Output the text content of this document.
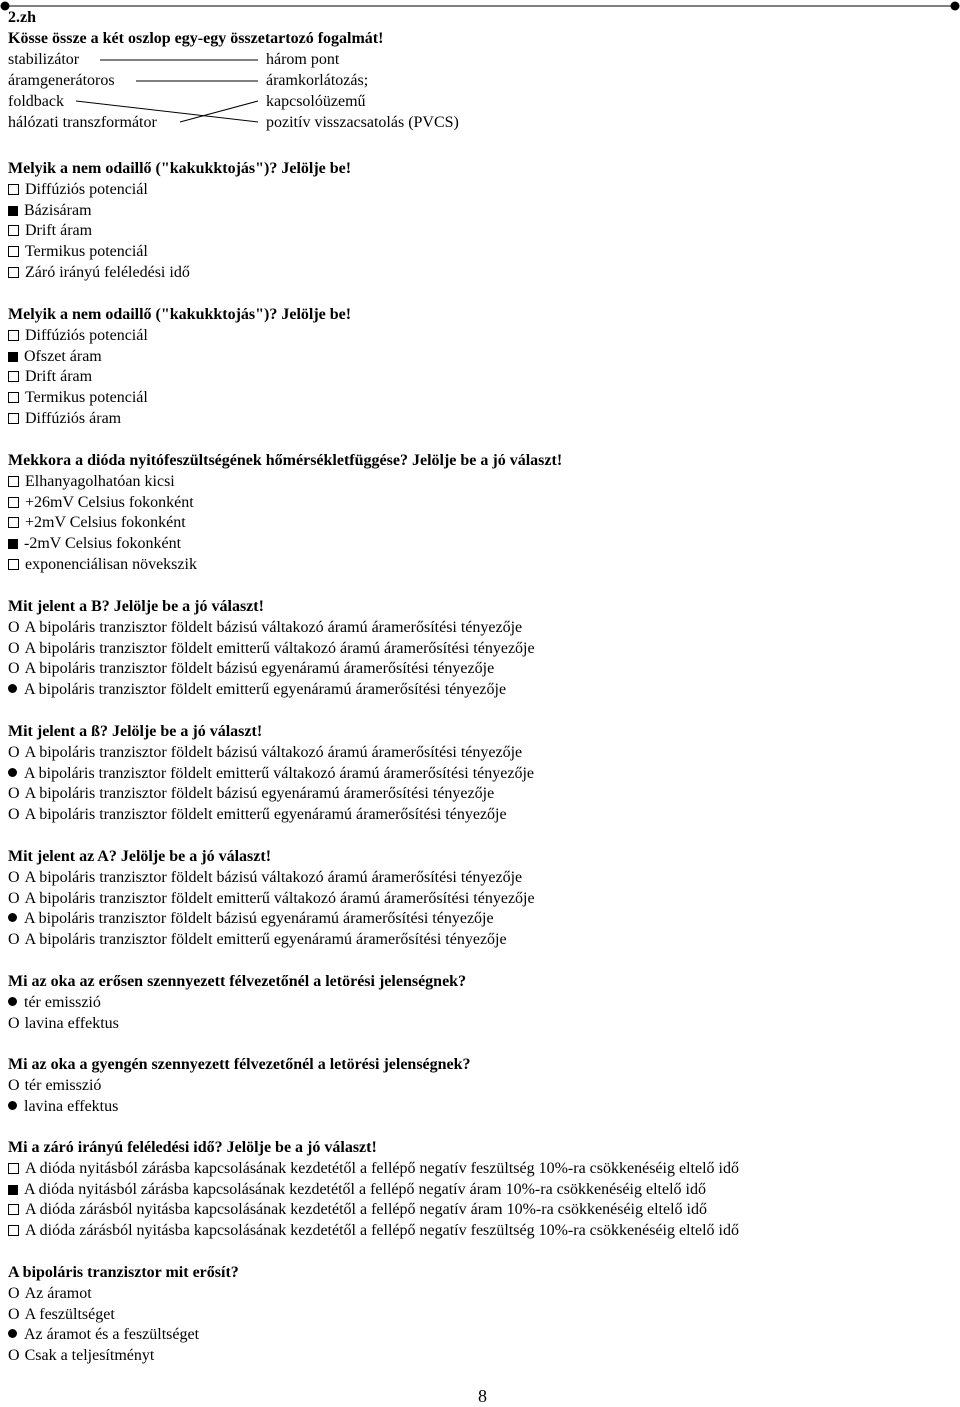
2.zh
Kösse össze a két oszlop egy-egy összetartozó fogalmát!
stabilizátor
áramgenerátoros
foldback
hálózati transzformátor
három pont
áramkorlátozás;
kapcsolóüzemű
pozitív visszacsatolás (PVCS)
Melyik a nem odaillő ("kakukktojás")? Jelölje be!
Diffúziós potenciál
Bázisáram
Drift áram
Termikus potenciál
Záró irányú feléledési idő
Melyik a nem odaillő ("kakukktojás")? Jelölje be!
Diffúziós potenciál
Ofszet áram
Drift áram
Termikus potenciál
Diffúziós áram
Mekkora a dióda nyitófeszültségének hőmérsékletfüggése? Jelölje be a jó választ!
Elhanyagolhatóan kicsi
+26mV Celsius fokonként
+2mV Celsius fokonként
-2mV Celsius fokonként
exponenciálisan növekszik
Mit jelent a B? Jelölje be a jó választ!
O A bipoláris tranzisztor földelt bázisú váltakozó áramú áramerősítési tényezője
O A bipoláris tranzisztor földelt emitterű váltakozó áramú áramerősítési tényezője
O A bipoláris tranzisztor földelt bázisú egyenáramú áramerősítési tényezője
A bipoláris tranzisztor földelt emitterű egyenáramú áramerősítési tényezője
Mit jelent a ß? Jelölje be a jó választ!
O A bipoláris tranzisztor földelt bázisú váltakozó áramú áramerősítési tényezője
A bipoláris tranzisztor földelt emitterű váltakozó áramú áramerősítési tényezője
O A bipoláris tranzisztor földelt bázisú egyenáramú áramerősítési tényezője
O A bipoláris tranzisztor földelt emitterű egyenáramú áramerősítési tényezője
Mit jelent az A? Jelölje be a jó választ!
O A bipoláris tranzisztor földelt bázisú váltakozó áramú áramerősítési tényezője
O A bipoláris tranzisztor földelt emitterű váltakozó áramú áramerősítési tényezője
A bipoláris tranzisztor földelt bázisú egyenáramú áramerősítési tényezője
O A bipoláris tranzisztor földelt emitterű egyenáramú áramerősítési tényezője
Mi az oka az erősen szennyezett félvezetőnél a letörési jelenségnek?
tér emisszió
O lavina effektus
Mi az oka a gyengén szennyezett félvezetőnél a letörési jelenségnek?
O tér emisszió
lavina effektus
Mi a záró irányú feléledési idő? Jelölje be a jó választ!
A dióda nyitásból zárásba kapcsolásának kezdetétől a fellépő negatív feszültség 10%-ra csökkenéséig eltelő idő
A dióda nyitásból zárásba kapcsolásának kezdetétől a fellépő negatív áram 10%-ra csökkenéséig eltelő idő
A dióda zárásból nyitásba kapcsolásának kezdetétől a fellépő negatív áram 10%-ra csökkenéséig eltelő idő
A dióda zárásból nyitásba kapcsolásának kezdetétől a fellépő negatív feszültség 10%-ra csökkenéséig eltelő idő
A bipoláris tranzisztor mit erősít?
O Az áramot
O A feszültséget
Az áramot és a feszültséget
O Csak a teljesítményt
8
